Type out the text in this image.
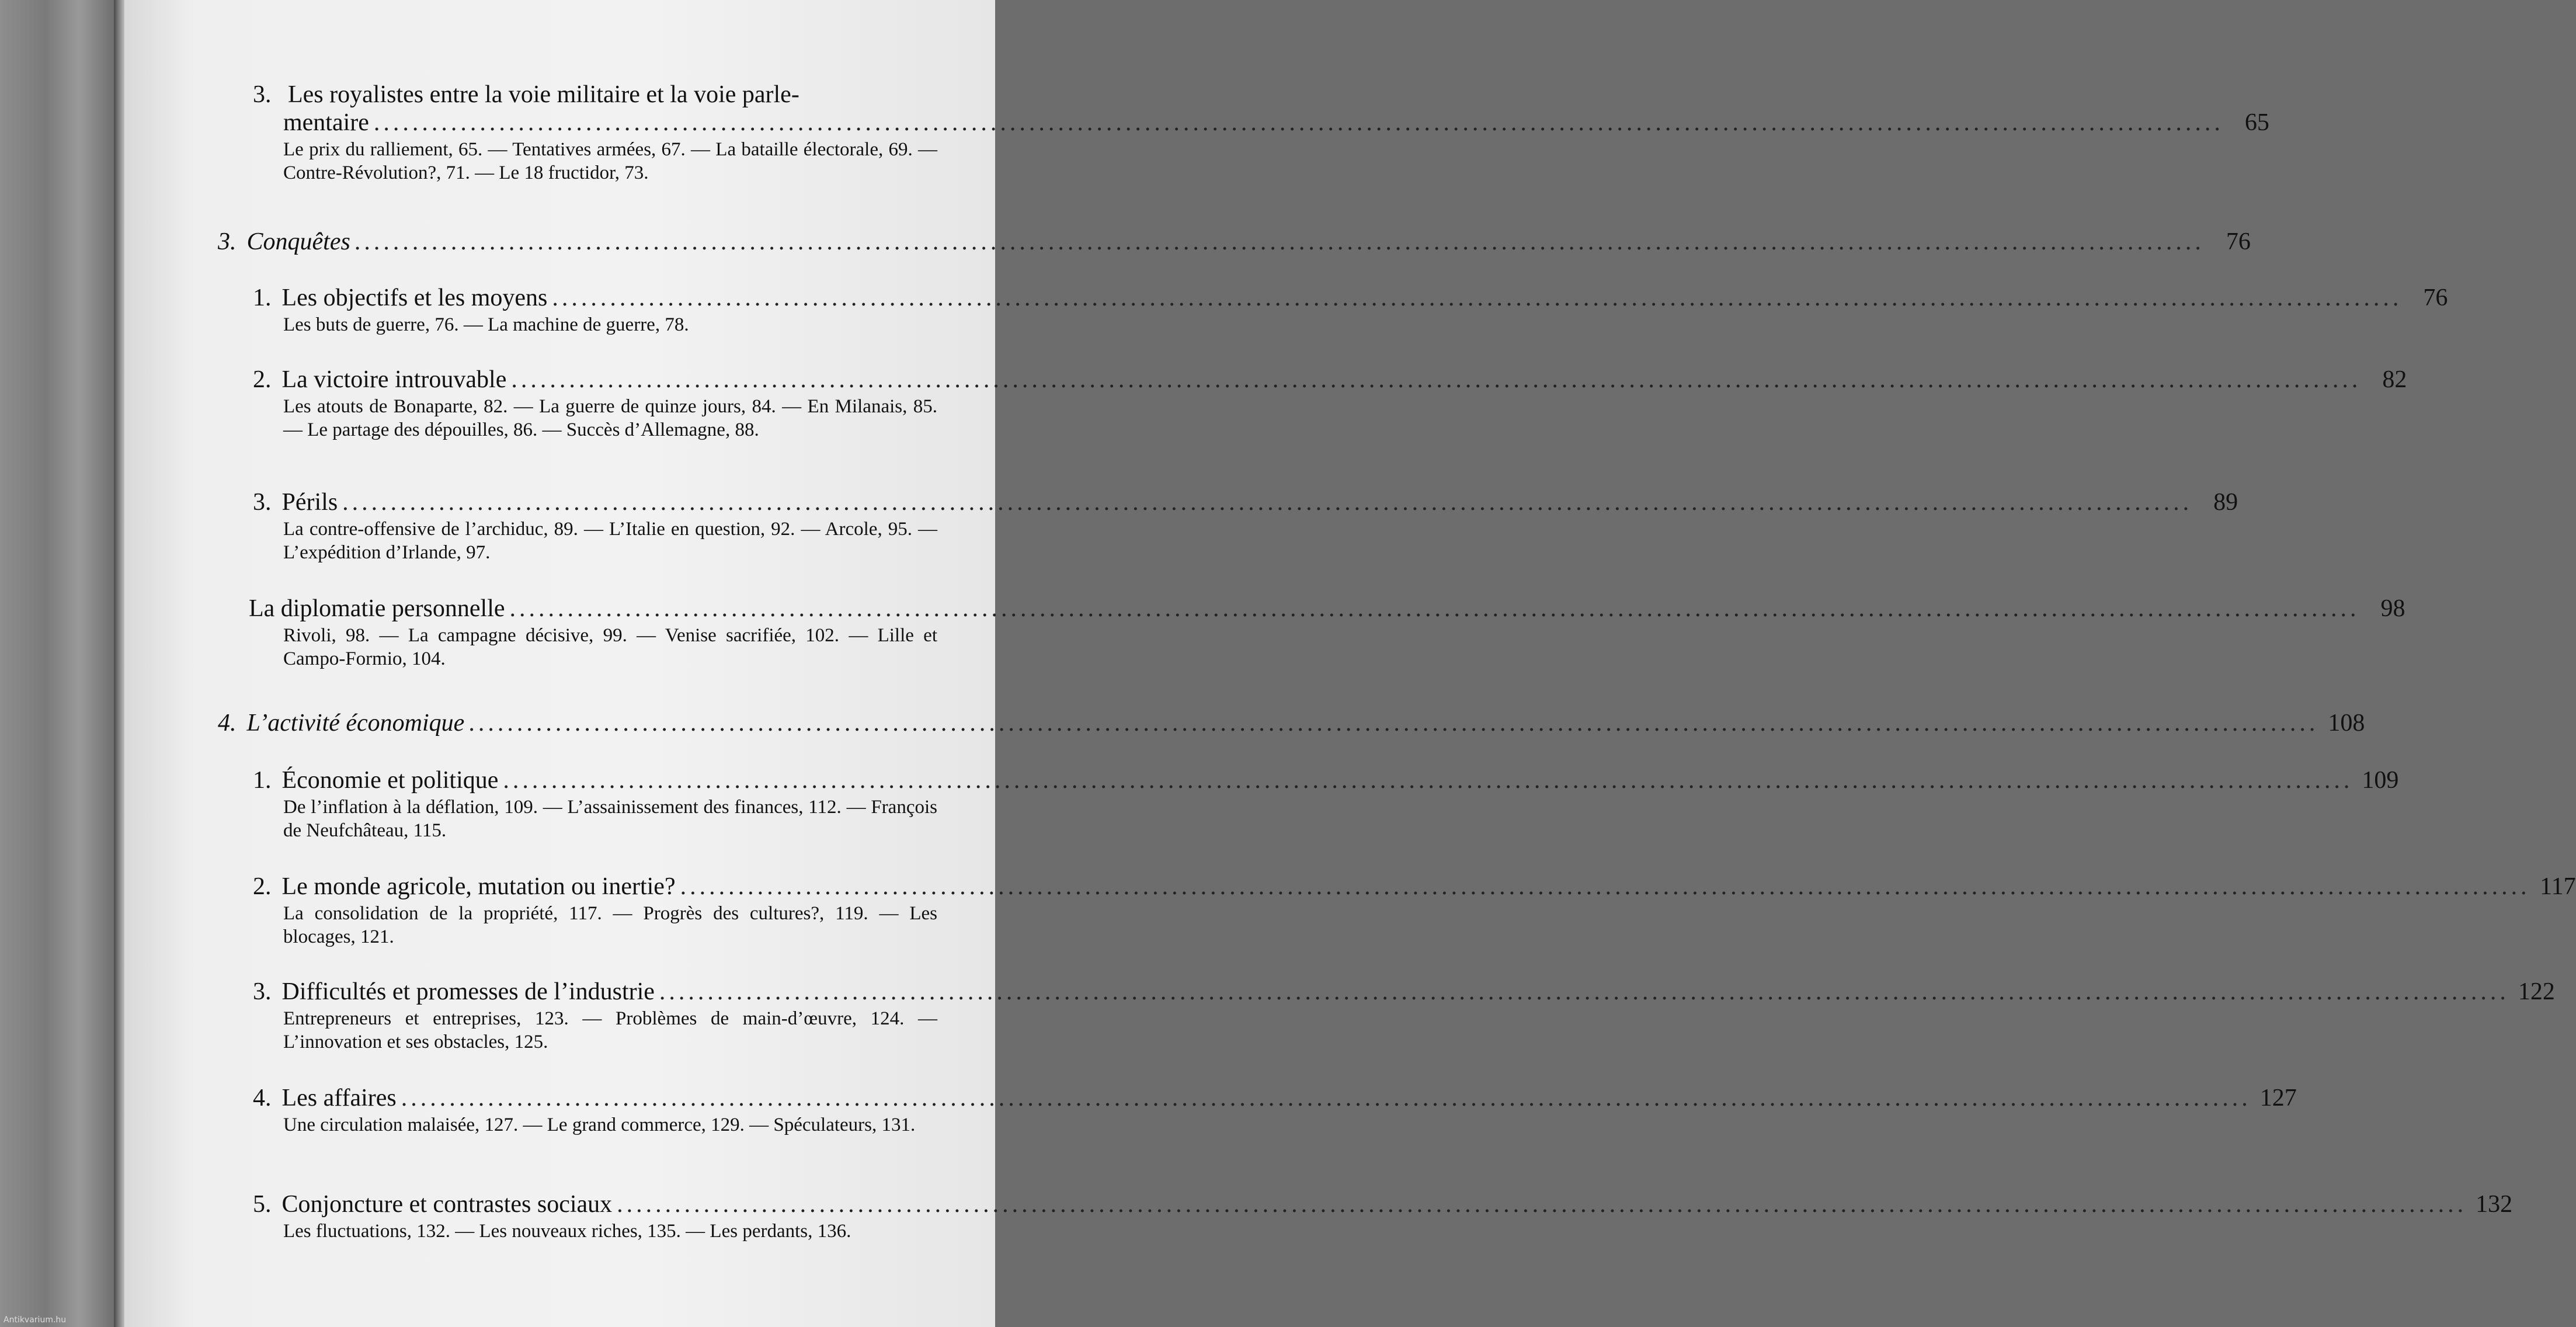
3. Les royalistes entre la voie militaire et la voie parle-
mentaire .....	65
Le prix du ralliement, 65. — Tentatives armées, 67. — La bataille électorale, 69. — Contre-Révolution?, 71. — Le 18 fructidor, 73.
3. Conquêtes .....	76
1. Les objectifs et les moyens .....	76
Les buts de guerre, 76. — La machine de guerre, 78.
2. La victoire introuvable .....	82
Les atouts de Bonaparte, 82. — La guerre de quinze jours, 84. — En Milanais, 85. — Le partage des dépouilles, 86. — Succès d’Allemagne, 88.
3. Périls .....	89
La contre-offensive de l’archiduc, 89. — L’Italie en question, 92. — Arcole, 95. — L’expédition d’Irlande, 97.
La diplomatie personnelle .....	98
Rivoli, 98. — La campagne décisive, 99. — Venise sacrifiée, 102. — Lille et Campo-Formio, 104.
4. L’activité économique .....	108
1. Économie et politique .....	109
De l’inflation à la déflation, 109. — L’assainissement des finances, 112. — François de Neufchâteau, 115.
2. Le monde agricole, mutation ou inertie? .....	117
La consolidation de la propriété, 117. — Progrès des cultures?, 119. — Les blocages, 121.
3. Difficultés et promesses de l’industrie .....	122
Entrepreneurs et entreprises, 123. — Problèmes de main-d’œuvre, 124. — L’innovation et ses obstacles, 125.
4. Les affaires .....	127
Une circulation malaisée, 127. — Le grand commerce, 129. — Spéculateurs, 131.
5. Conjoncture et contrastes sociaux .....	132
Les fluctuations, 132. — Les nouveaux riches, 135. — Les perdants, 136.
Antikvarium.hu
